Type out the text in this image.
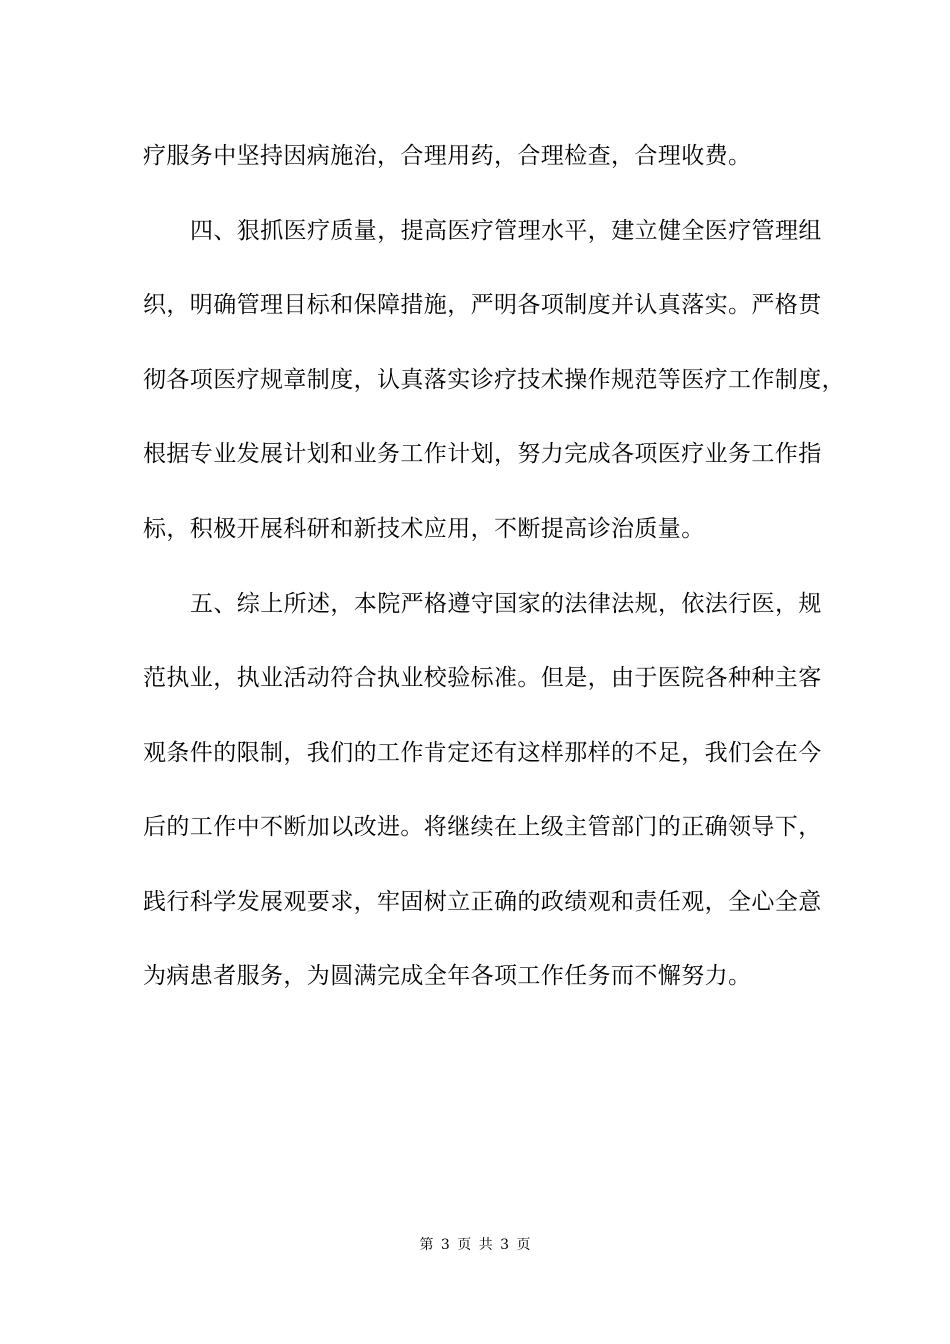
疗服务中坚持因病施治，合理用药，合理检查，合理收费。
四、狠抓医疗质量，提高医疗管理水平，建立健全医疗管理组
织，明确管理目标和保障措施，严明各项制度并认真落实。严格贯
彻各项医疗规章制度，认真落实诊疗技术操作规范等医疗工作制度，
根据专业发展计划和业务工作计划，努力完成各项医疗业务工作指
标，积极开展科研和新技术应用，不断提高诊治质量。
五、综上所述，本院严格遵守国家的法律法规，依法行医，规
范执业，执业活动符合执业校验标准。但是，由于医院各种种主客
观条件的限制，我们的工作肯定还有这样那样的不足，我们会在今
后的工作中不断加以改进。将继续在上级主管部门的正确领导下，
践行科学发展观要求，牢固树立正确的政绩观和责任观，全心全意
为病患者服务，为圆满完成全年各项工作任务而不懈努力。
第 3 页 共 3 页
